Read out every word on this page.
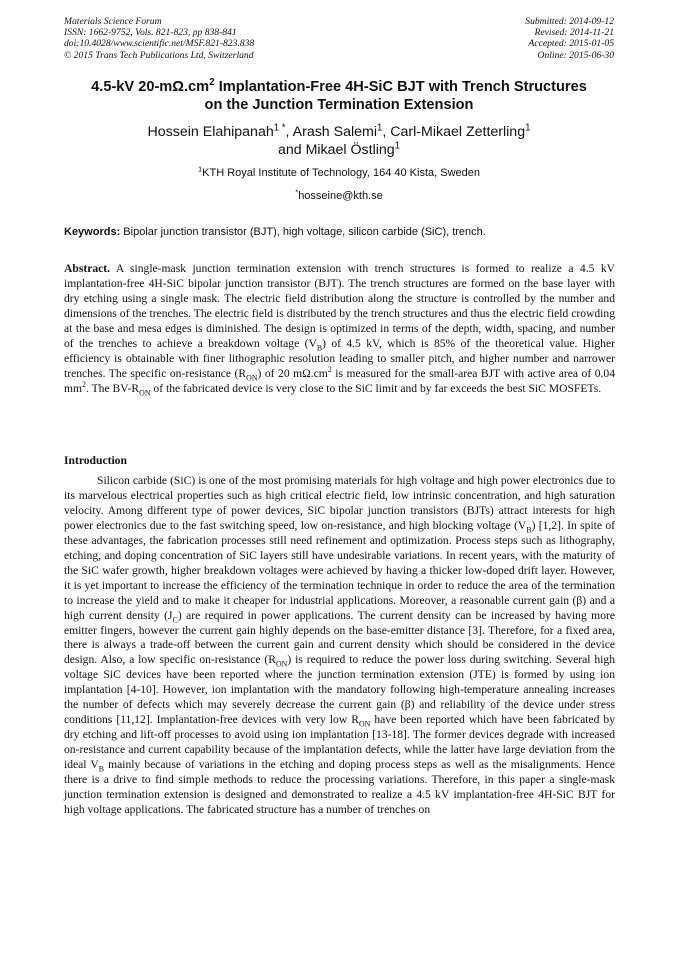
Materials Science Forum
ISSN: 1662-9752, Vols. 821-823, pp 838-841
doi:10.4028/www.scientific.net/MSF.821-823.838
© 2015 Trans Tech Publications Ltd, Switzerland
Submitted: 2014-09-12
Revised: 2014-11-21
Accepted: 2015-01-05
Online: 2015-06-30
4.5-kV $20-m\Omega.cm^2$ Implantation-Free 4H-SiC BJT with Trench Structures
on the Junction Termination Extension
Hossein Elahipanah$^{1 *}$, Arash Salemi$^1$, Carl-Mikael Zetterling$^1$
and Mikael Östling$^1$
$^1$KTH Royal Institute of Technology, 164 40 Kista, Sweden
*hosseine@kth.se
Keywords: Bipolar junction transistor (BJT), high voltage, silicon carbide (SiC), trench.
Abstract. A single-mask junction termination extension with trench structures is formed to realize a 4.5 kV implantation-free 4H-SiC bipolar junction transistor (BJT). The trench structures are formed on the base layer with dry etching using a single mask. The electric field distribution along the structure is controlled by the number and dimensions of the trenches. The electric field is distributed by the trench structures and thus the electric field crowding at the base and mesa edges is diminished. The design is optimized in terms of the depth, width, spacing, and number of the trenches to achieve a breakdown voltage $(V_B)$ of 4.5 kV, which is 85% of the theoretical value. Higher efficiency is obtainable with finer lithographic resolution leading to smaller pitch, and higher number and narrower trenches. The specific on-resistance $(R_{ON})$ of 20 $m\Omega.cm^2$ is measured for the small-area BJT with active area of 0.04 $mm^2$. The $BV-R_{ON}$ of the fabricated device is very close to the SiC limit and by far exceeds the best SiC MOSFETs.
Introduction
Silicon carbide (SiC) is one of the most promising materials for high voltage and high power electronics due to its marvelous electrical properties such as high critical electric field, low intrinsic concentration, and high saturation velocity. Among different type of power devices, SiC bipolar junction transistors (BJTs) attract interests for high power electronics due to the fast switching speed, low on-resistance, and high blocking voltage $(V_B)$ [1,2]. In spite of these advantages, the fabrication processes still need refinement and optimization. Process steps such as lithography, etching, and doping concentration of SiC layers still have undesirable variations. In recent years, with the maturity of the SiC wafer growth, higher breakdown voltages were achieved by having a thicker low-doped drift layer. However, it is yet important to increase the efficiency of the termination technique in order to reduce the area of the termination to increase the yield and to make it cheaper for industrial applications. Moreover, a reasonable current gain (β) and a high current density $(J_C)$ are required in power applications. The current density can be increased by having more emitter fingers, however the current gain highly depends on the base-emitter distance [3]. Therefore, for a fixed area, there is always a trade-off between the current gain and current density which should be considered in the device design. Also, a low specific on-resistance $(R_{ON})$ is required to reduce the power loss during switching. Several high voltage SiC devices have been reported where the junction termination extension (JTE) is formed by using ion implantation [4-10]. However, ion implantation with the mandatory following high-temperature annealing increases the number of defects which may severely decrease the current gain (β) and reliability of the device under stress conditions [11,12]. Implantation-free devices with very low $R_{ON}$ have been reported which have been fabricated by dry etching and lift-off processes to avoid using ion implantation [13-18]. The former devices degrade with increased on-resistance and current capability because of the implantation defects, while the latter have large deviation from the ideal $V_B$ mainly because of variations in the etching and doping process steps as well as the misalignments. Hence there is a drive to find simple methods to reduce the processing variations. Therefore, in this paper a single-mask junction termination extension is designed and demonstrated to realize a 4.5 kV implantation-free 4H-SiC BJT for high voltage applications. The fabricated structure has a number of trenches on
